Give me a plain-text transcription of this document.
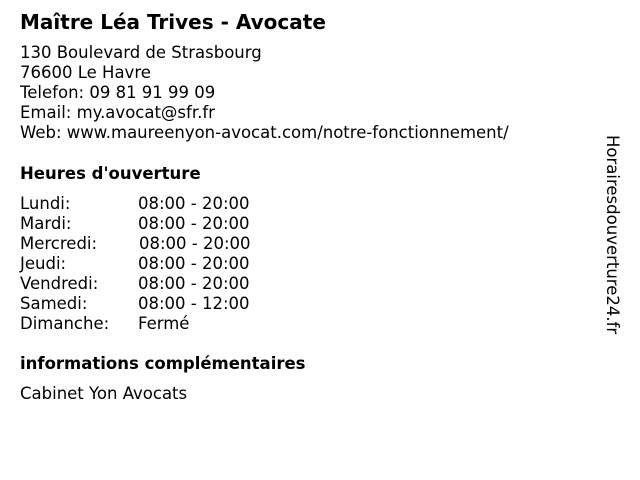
Maître Léa Trives - Avocate
130 Boulevard de Strasbourg
76600 Le Havre
Telefon: 09 81 91 99 09
Email: my.avocat@sfr.fr
Web: www.maureenyon-avocat.com/notre-fonctionnement/
Heures d'ouverture
Lundi:	08:00 - 20:00
Mardi:	08:00 - 20:00
Mercredi:	08:00 - 20:00
Jeudi:	08:00 - 20:00
Vendredi:	08:00 - 20:00
Samedi:	08:00 - 12:00
Dimanche:	Fermé
informations complémentaires
Cabinet Yon Avocats
Horairesdouverture24.fr
